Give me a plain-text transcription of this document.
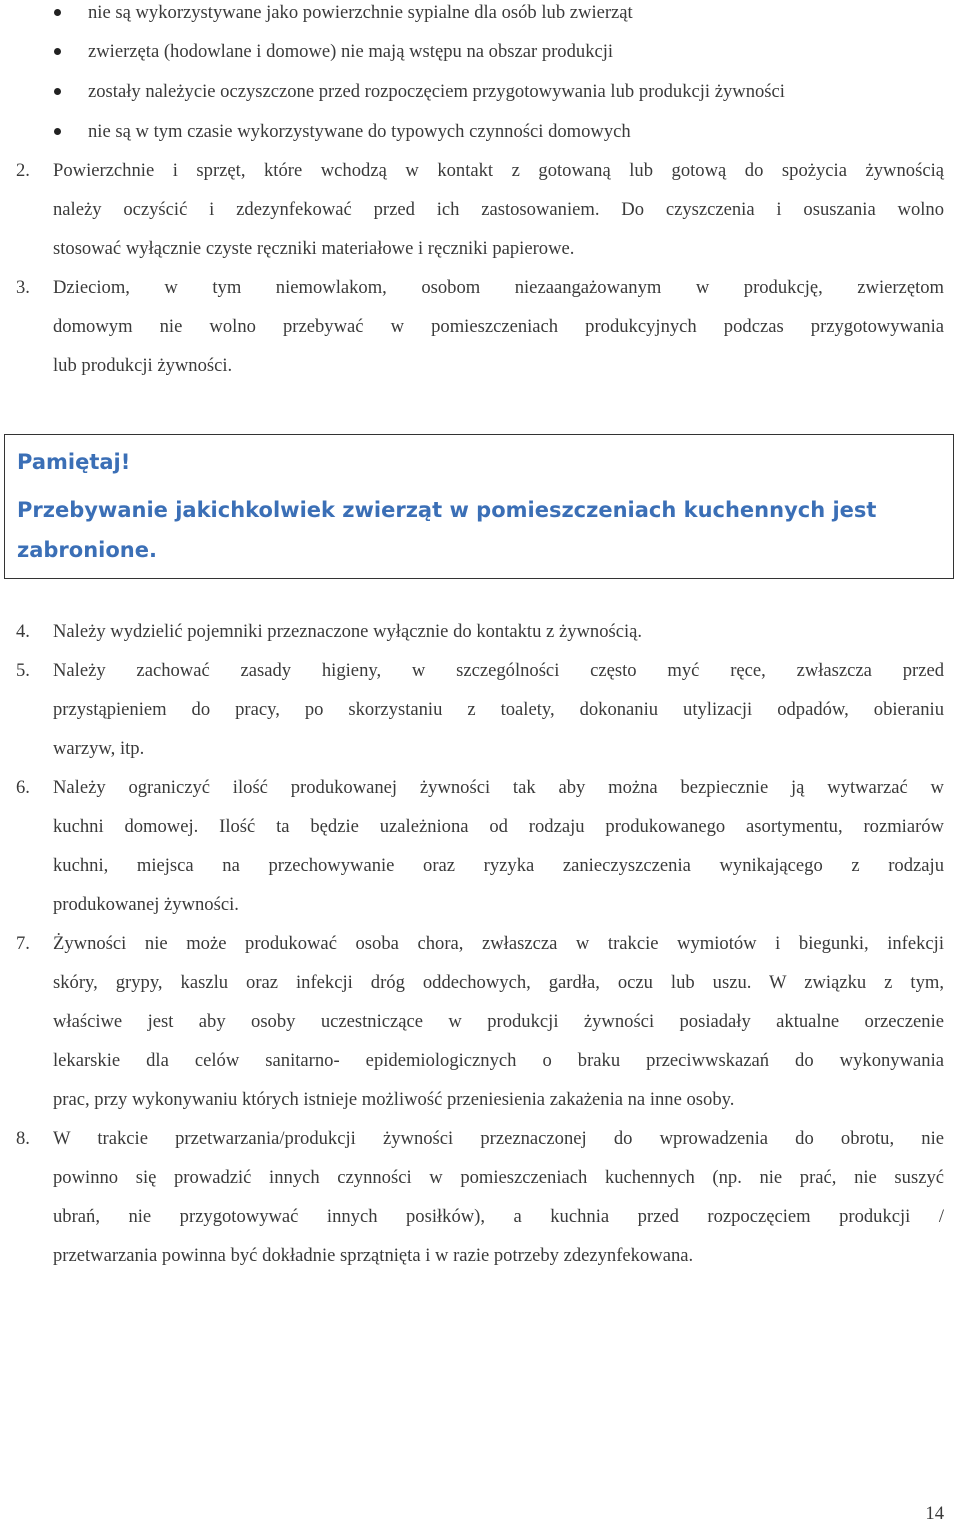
nie są wykorzystywane jako powierzchnie sypialne dla osób lub zwierząt
zwierzęta (hodowlane i domowe) nie mają wstępu na obszar produkcji
zostały należycie oczyszczone przed rozpoczęciem przygotowywania lub produkcji żywności
nie są w tym czasie wykorzystywane do typowych czynności domowych
2. Powierzchnie i sprzęt, które wchodzą w kontakt z gotowaną lub gotową do spożycia żywnością
należy oczyścić i zdezynfekować przed ich zastosowaniem. Do czyszczenia i osuszania wolno
stosować wyłącznie czyste ręczniki materiałowe i ręczniki papierowe.
3. Dzieciom, w tym niemowlakom, osobom niezaangażowanym w produkcję, zwierzętom
domowym nie wolno przebywać w pomieszczeniach produkcyjnych podczas przygotowywania
lub produkcji żywności.
Pamiętaj!
Przebywanie jakichkolwiek zwierząt w pomieszczeniach kuchennych jest zabronione.
4. Należy wydzielić pojemniki przeznaczone wyłącznie do kontaktu z żywnością.
5. Należy zachować zasady higieny, w szczególności często myć ręce, zwłaszcza przed
przystąpieniem do pracy, po skorzystaniu z toalety, dokonaniu utylizacji odpadów, obieraniu
warzyw, itp.
6. Należy ograniczyć ilość produkowanej żywności tak aby można bezpiecznie ją wytwarzać w
kuchni domowej. Ilość ta będzie uzależniona od rodzaju produkowanego asortymentu, rozmiarów
kuchni, miejsca na przechowywanie oraz ryzyka zanieczyszczenia wynikającego z rodzaju
produkowanej żywności.
7. Żywności nie może produkować osoba chora, zwłaszcza w trakcie wymiotów i biegunki, infekcji
skóry, grypy, kaszlu oraz infekcji dróg oddechowych, gardła, oczu lub uszu. W związku z tym,
właściwe jest aby osoby uczestniczące w produkcji żywności posiadały aktualne orzeczenie
lekarskie dla celów sanitarno- epidemiologicznych o braku przeciwwskazań do wykonywania
prac, przy wykonywaniu których istnieje możliwość przeniesienia zakażenia na inne osoby.
8. W trakcie przetwarzania/produkcji żywności przeznaczonej do wprowadzenia do obrotu, nie
powinno się prowadzić innych czynności w pomieszczeniach kuchennych (np. nie prać, nie suszyć
ubrań, nie przygotowywać innych posiłków), a kuchnia przed rozpoczęciem produkcji /
przetwarzania powinna być dokładnie sprzątnięta i w razie potrzeby zdezynfekowana.
14
